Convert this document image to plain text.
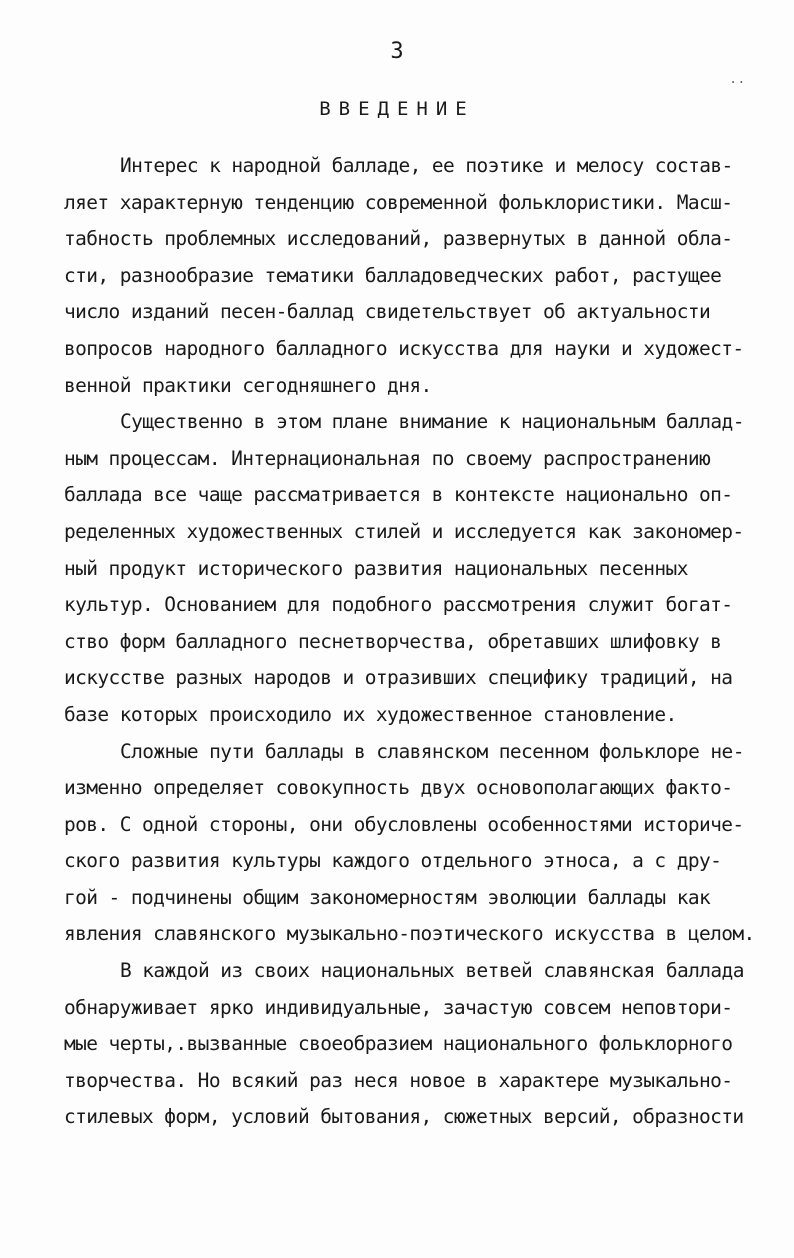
3
..
ВВЕДЕНИЕ
Интерес к народной балладе, ее поэтике и мелосу состав-
ляет характерную тенденцию современной фольклористики. Масш-
табность проблемных исследований, развернутых в данной обла-
сти, разнообразие тематики балладоведческих работ, растущее
число изданий песен-баллад свидетельствует об актуальности
вопросов народного балладного искусства для науки и художест-
венной практики сегодняшнего дня.
Существенно в этом плане внимание к национальным баллад-
ным процессам. Интернациональная по своему распространению
баллада все чаще рассматривается в контексте национально оп-
ределенных художественных стилей и исследуется как закономер-
ный продукт исторического развития национальных песенных
культур. Основанием для подобного рассмотрения служит богат-
ство форм балладного песнетворчества, обретавших шлифовку в
искусстве разных народов и отразивших специфику традиций, на
базе которых происходило их художественное становление.
Сложные пути баллады в славянском песенном фольклоре не-
изменно определяет совокупность двух основополагающих факто-
ров. С одной стороны, они обусловлены особенностями историче-
ского развития культуры каждого отдельного этноса, а с дру-
гой - подчинены общим закономерностям эволюции баллады как
явления славянского музыкально-поэтического искусства в целом.
В каждой из своих национальных ветвей славянская баллада
обнаруживает ярко индивидуальные, зачастую совсем неповтори-
мые черты,.вызванные своеобразием национального фольклорного
творчества. Но всякий раз неся новое в характере музыкально-
стилевых форм, условий бытования, сюжетных версий, образности
